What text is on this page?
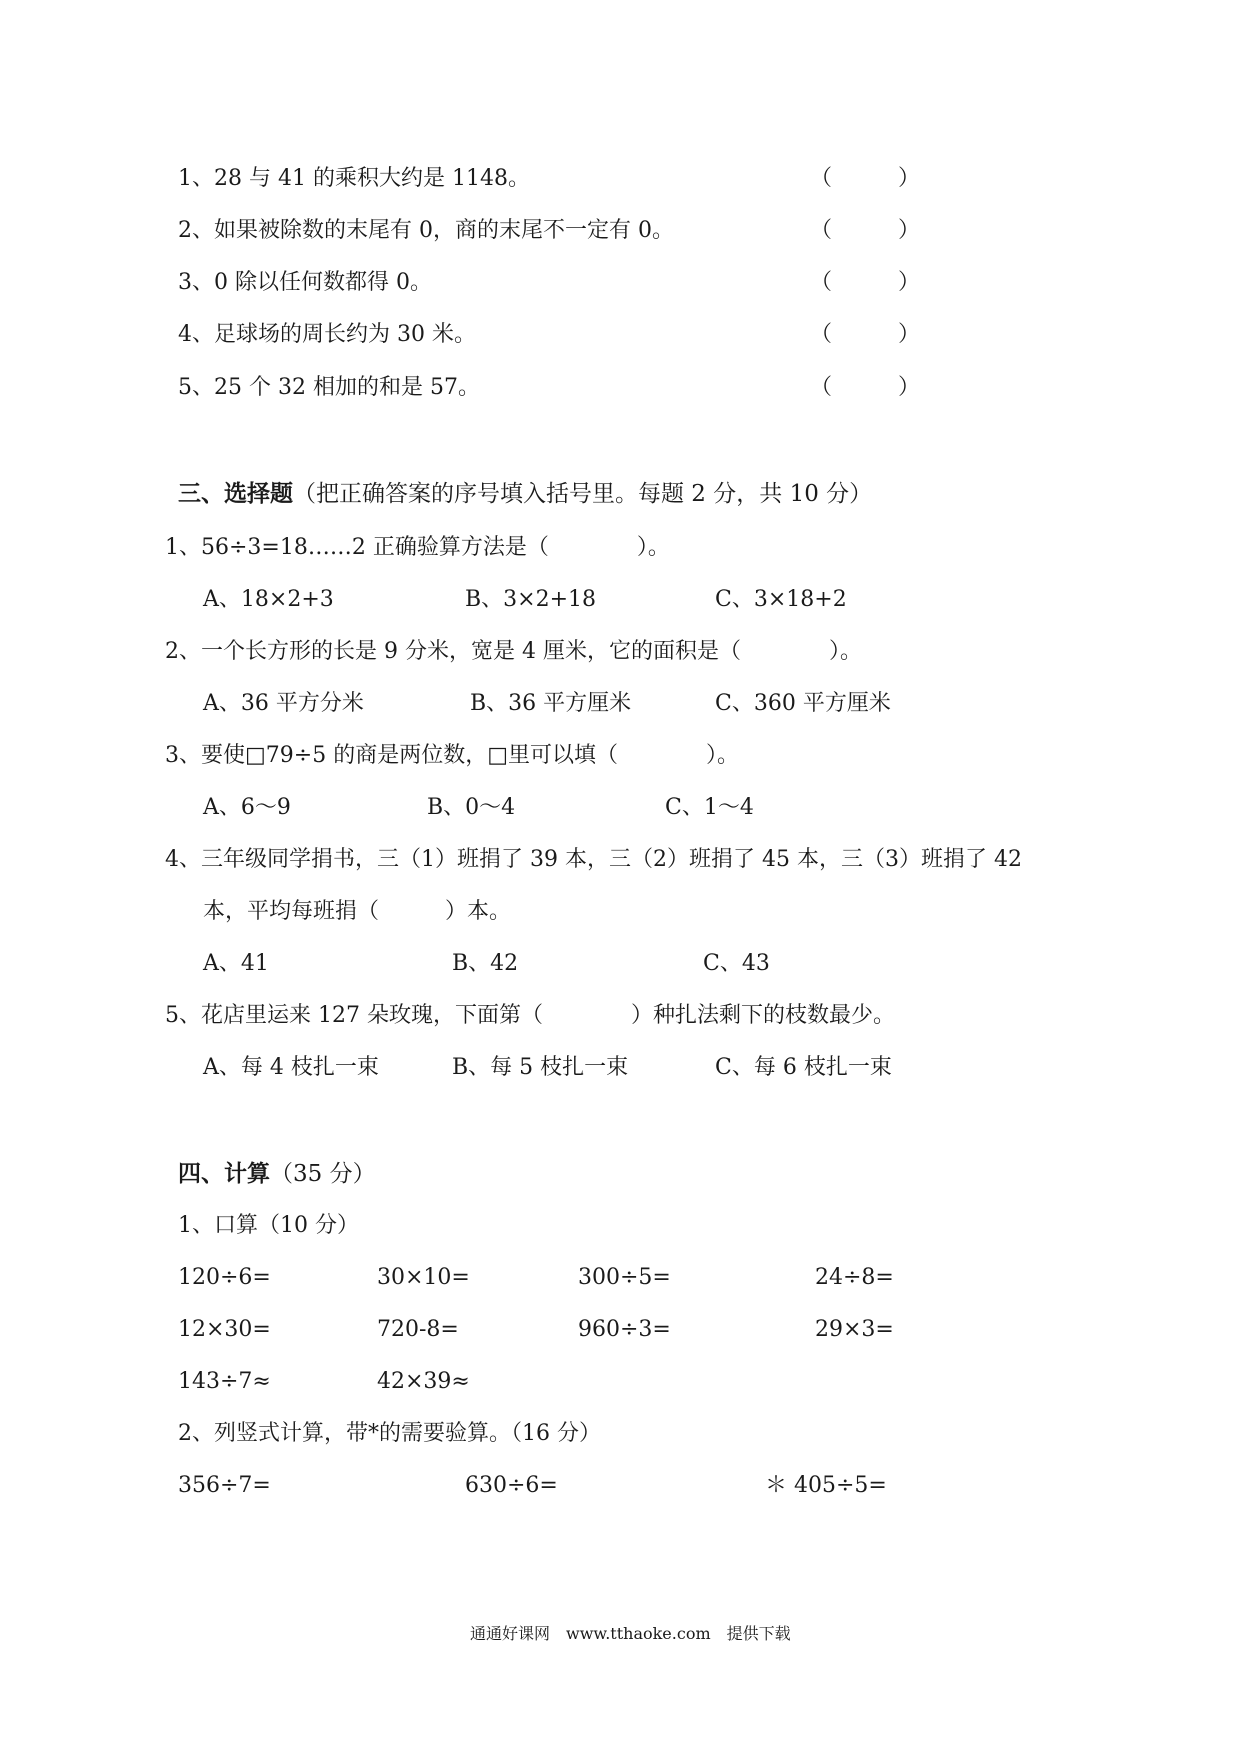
1、28 与 41 的乘积大约是 1148。	（　　　）
2、如果被除数的末尾有 0，商的末尾不一定有 0。	（　　　）
3、0 除以任何数都得 0。	（　　　）
4、足球场的周长约为 30 米。	（　　　）
5、25 个 32 相加的和是 57。	（　　　）
三、选择题（把正确答案的序号填入括号里。每题 2 分，共 10 分）
1、56÷3=18……2 正确验算方法是（　　　　）。
A、18×2+3	B、3×2+18	C、3×18+2
2、一个长方形的长是 9 分米，宽是 4 厘米，它的面积是（　　　　）。
A、36 平方分米	B、36 平方厘米	C、360 平方厘米
3、要使□79÷5 的商是两位数，□里可以填（　　　　）。
A、6～9	B、0～4	C、1～4
4、三年级同学捐书，三（1）班捐了 39 本，三（2）班捐了 45 本，三（3）班捐了 42
本，平均每班捐（　　　）本。
A、41	B、42	C、43
5、花店里运来 127 朵玫瑰，下面第（　　　　）种扎法剩下的枝数最少。
A、每 4 枝扎一束	B、每 5 枝扎一束	C、每 6 枝扎一束
四、计算（35 分）
1、口算（10 分）
120÷6=	30×10=	300÷5=	24÷8=
12×30=	720-8=	960÷3=	29×3=
143÷7≈	42×39≈
2、列竖式计算，带*的需要验算。（16 分）
356÷7=	630÷6=	＊ 405÷5=
通通好课网　www.tthaoke.com　提供下载
